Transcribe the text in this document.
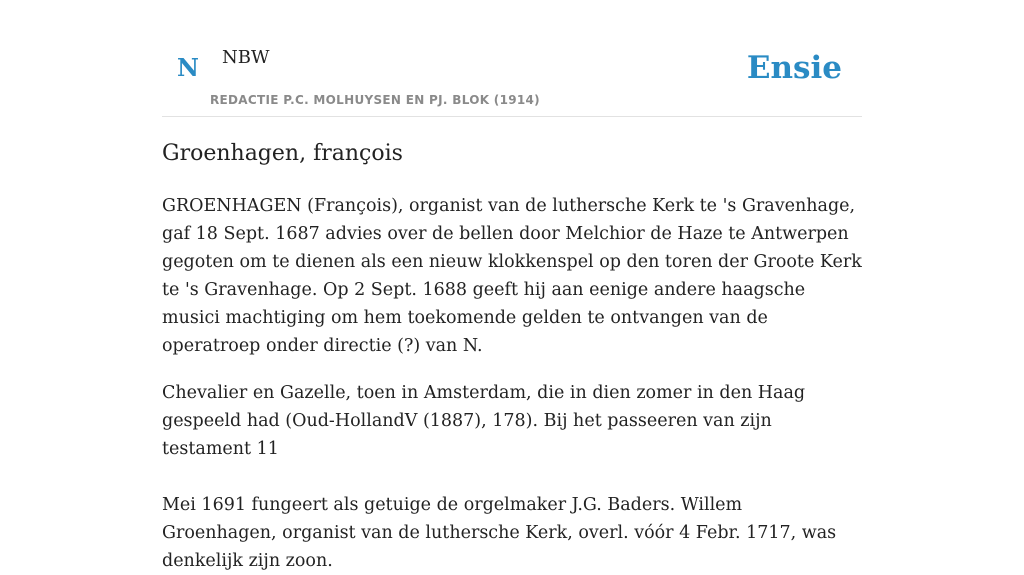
N NBW
REDACTIE P.C. MOLHUYSEN EN PJ. BLOK (1914)
Ensie
Groenhagen, françois

GROENHAGEN (François), organist van de luthersche Kerk te 's Gravenhage, gaf 18 Sept. 1687 advies over de bellen door Melchior de Haze te Antwerpen gegoten om te dienen als een nieuw klokkenspel op den toren der Groote Kerk te 's Gravenhage. Op 2 Sept. 1688 geeft hij aan eenige andere haagsche musici machtiging om hem toekomende gelden te ontvangen van de operatroep onder directie (?) van N.

Chevalier en Gazelle, toen in Amsterdam, die in dien zomer in den Haag gespeeld had (Oud-HollandV (1887), 178). Bij het passeeren van zijn testament 11

Mei 1691 fungeert als getuige de orgelmaker J.G. Baders. Willem Groenhagen, organist van de luthersche Kerk, overl. vóór 4 Febr. 1717, was denkelijk zijn zoon.
